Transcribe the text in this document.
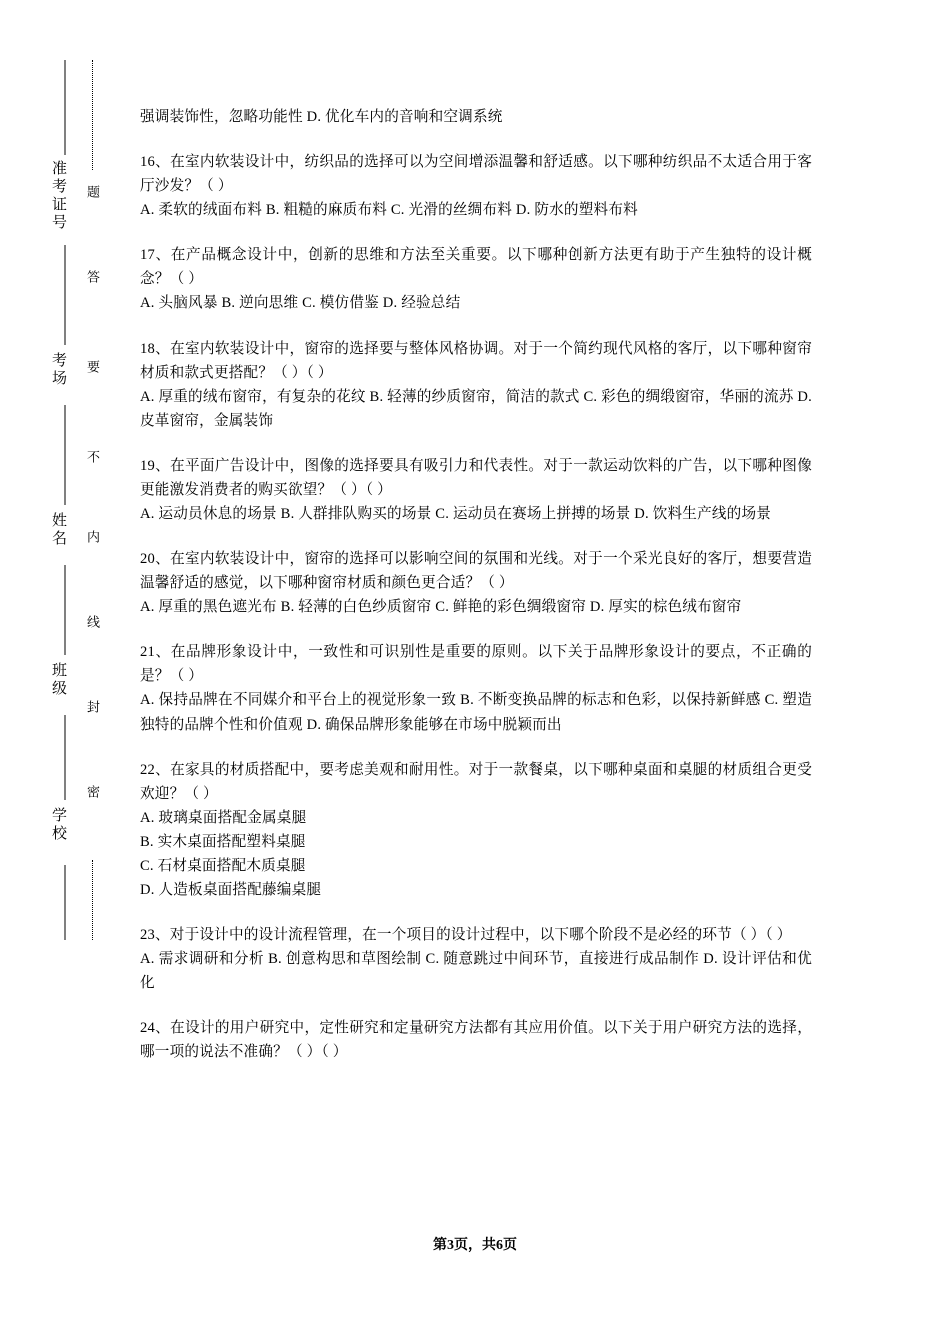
准考证号
考场
姓名
班级
学校
题
答
要
不
内
线
封
密
强调装饰性，忽略功能性 D. 优化车内的音响和空调系统
16、在室内软装设计中，纺织品的选择可以为空间增添温馨和舒适感。以下哪种纺织品不太适合用于客厅沙发？（ ）
A. 柔软的绒面布料 B. 粗糙的麻质布料 C. 光滑的丝绸布料 D. 防水的塑料布料
17、在产品概念设计中，创新的思维和方法至关重要。以下哪种创新方法更有助于产生独特的设计概念？（ ）
A. 头脑风暴 B. 逆向思维 C. 模仿借鉴 D. 经验总结
18、在室内软装设计中，窗帘的选择要与整体风格协调。对于一个简约现代风格的客厅，以下哪种窗帘材质和款式更搭配？（ ）（ ）
A. 厚重的绒布窗帘，有复杂的花纹 B. 轻薄的纱质窗帘，简洁的款式 C. 彩色的绸缎窗帘，华丽的流苏 D. 皮革窗帘，金属装饰
19、在平面广告设计中，图像的选择要具有吸引力和代表性。对于一款运动饮料的广告，以下哪种图像更能激发消费者的购买欲望？（ ）（ ）
A. 运动员休息的场景 B. 人群排队购买的场景 C. 运动员在赛场上拼搏的场景 D. 饮料生产线的场景
20、在室内软装设计中，窗帘的选择可以影响空间的氛围和光线。对于一个采光良好的客厅，想要营造温馨舒适的感觉，以下哪种窗帘材质和颜色更合适？（ ）
A. 厚重的黑色遮光布 B. 轻薄的白色纱质窗帘 C. 鲜艳的彩色绸缎窗帘 D. 厚实的棕色绒布窗帘
21、在品牌形象设计中，一致性和可识别性是重要的原则。以下关于品牌形象设计的要点，不正确的是？（ ）
A. 保持品牌在不同媒介和平台上的视觉形象一致 B. 不断变换品牌的标志和色彩，以保持新鲜感 C. 塑造独特的品牌个性和价值观 D. 确保品牌形象能够在市场中脱颖而出
22、在家具的材质搭配中，要考虑美观和耐用性。对于一款餐桌，以下哪种桌面和桌腿的材质组合更受欢迎？（ ）
A. 玻璃桌面搭配金属桌腿
B. 实木桌面搭配塑料桌腿
C. 石材桌面搭配木质桌腿
D. 人造板桌面搭配藤编桌腿
23、对于设计中的设计流程管理，在一个项目的设计过程中，以下哪个阶段不是必经的环节（ ）（ ）
A. 需求调研和分析 B. 创意构思和草图绘制 C. 随意跳过中间环节，直接进行成品制作 D. 设计评估和优化
24、在设计的用户研究中，定性研究和定量研究方法都有其应用价值。以下关于用户研究方法的选择，哪一项的说法不准确？（ ）（ ）
第3页，共6页
